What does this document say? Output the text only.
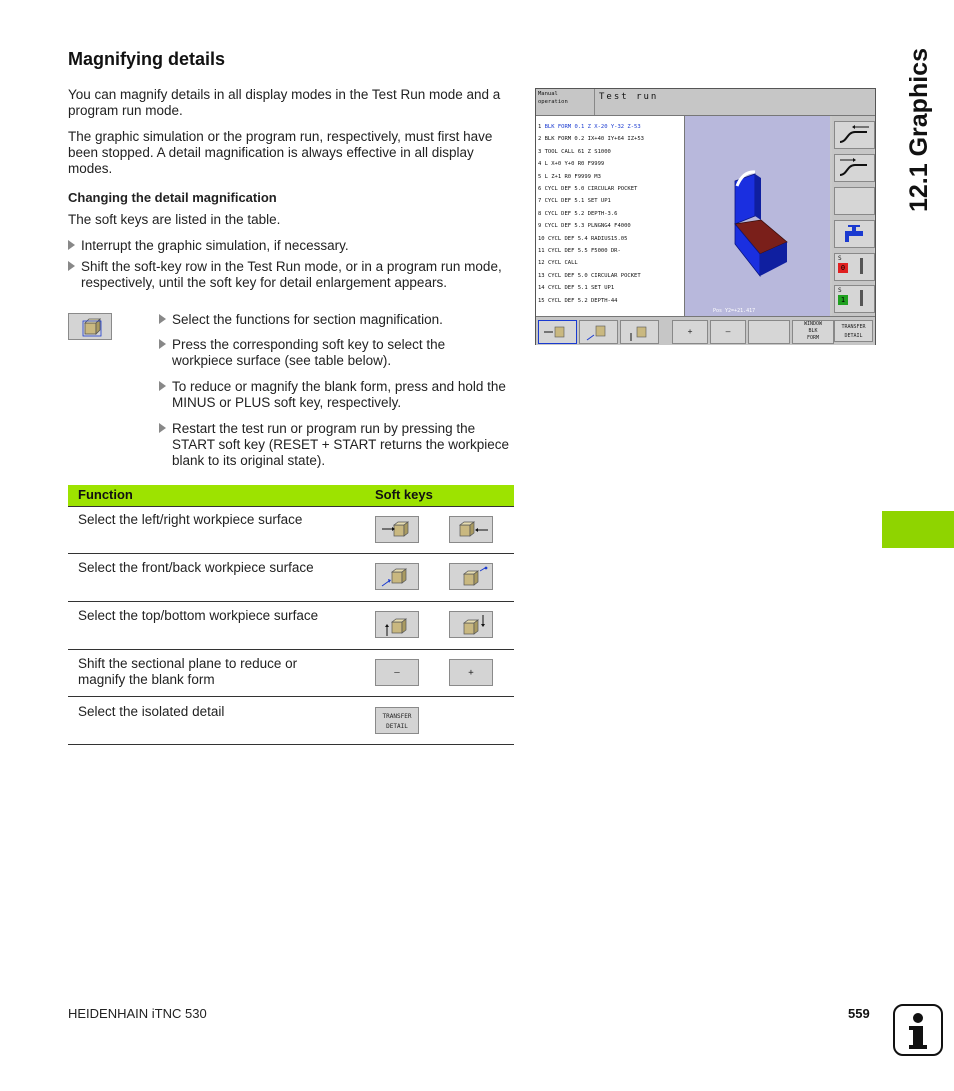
Magnifying details
You can magnify details in all display modes in the Test Run mode and a program run mode.
The graphic simulation or the program run, respectively, must first have been stopped. A detail magnification is always effective in all display modes.
Changing the detail magnification
The soft keys are listed in the table.
Interrupt the graphic simulation, if necessary.
Shift the soft-key row in the Test Run mode, or in a program run mode, respectively, until the soft key for detail enlargement appears.
Select the functions for section magnification.
Press the corresponding soft key to select the workpiece surface (see table below).
To reduce or magnify the blank form, press and hold the MINUS or PLUS soft key, respectively.
Restart the test run or program run by pressing the START soft key (RESET + START returns the workpiece blank to its original state).
Function	Soft keys
Select the left/right workpiece surface
Select the front/back workpiece surface
Select the top/bottom workpiece surface
Shift the sectional plane to reduce or magnify the blank form	–	+
Select the isolated detail	TRANSFER
DETAIL
Manual
operation	Test run
1 BLK FORM 0.1 Z X-20 Y-32 Z-53
2 BLK FORM 0.2 IX+40 IY+64 IZ+53
3 TOOL CALL 61 Z S1000
4 L X+0 Y+0 R0 F9999
5 L Z+1 R0 F9999 M3
6 CYCL DEF 5.0 CIRCULAR POCKET
7 CYCL DEF 5.1 SET UP1
8 CYCL DEF 5.2 DEPTH-3.6
9 CYCL DEF 5.3 PLNGNG4 F4000
10 CYCL DEF 5.4 RADIUS15.05
11 CYCL DEF 5.5 F5000 DR-
12 CYCL CALL
13 CYCL DEF 5.0 CIRCULAR POCKET
14 CYCL DEF 5.1 SET UP1
15 CYCL DEF 5.2 DEPTH-44
Pos Y2=+21.417
S
0
S
1
+	–
WINDOW
BLK
FORM
TRANSFER
DETAIL
12.1 Graphics
HEIDENHAIN iTNC 530	559
